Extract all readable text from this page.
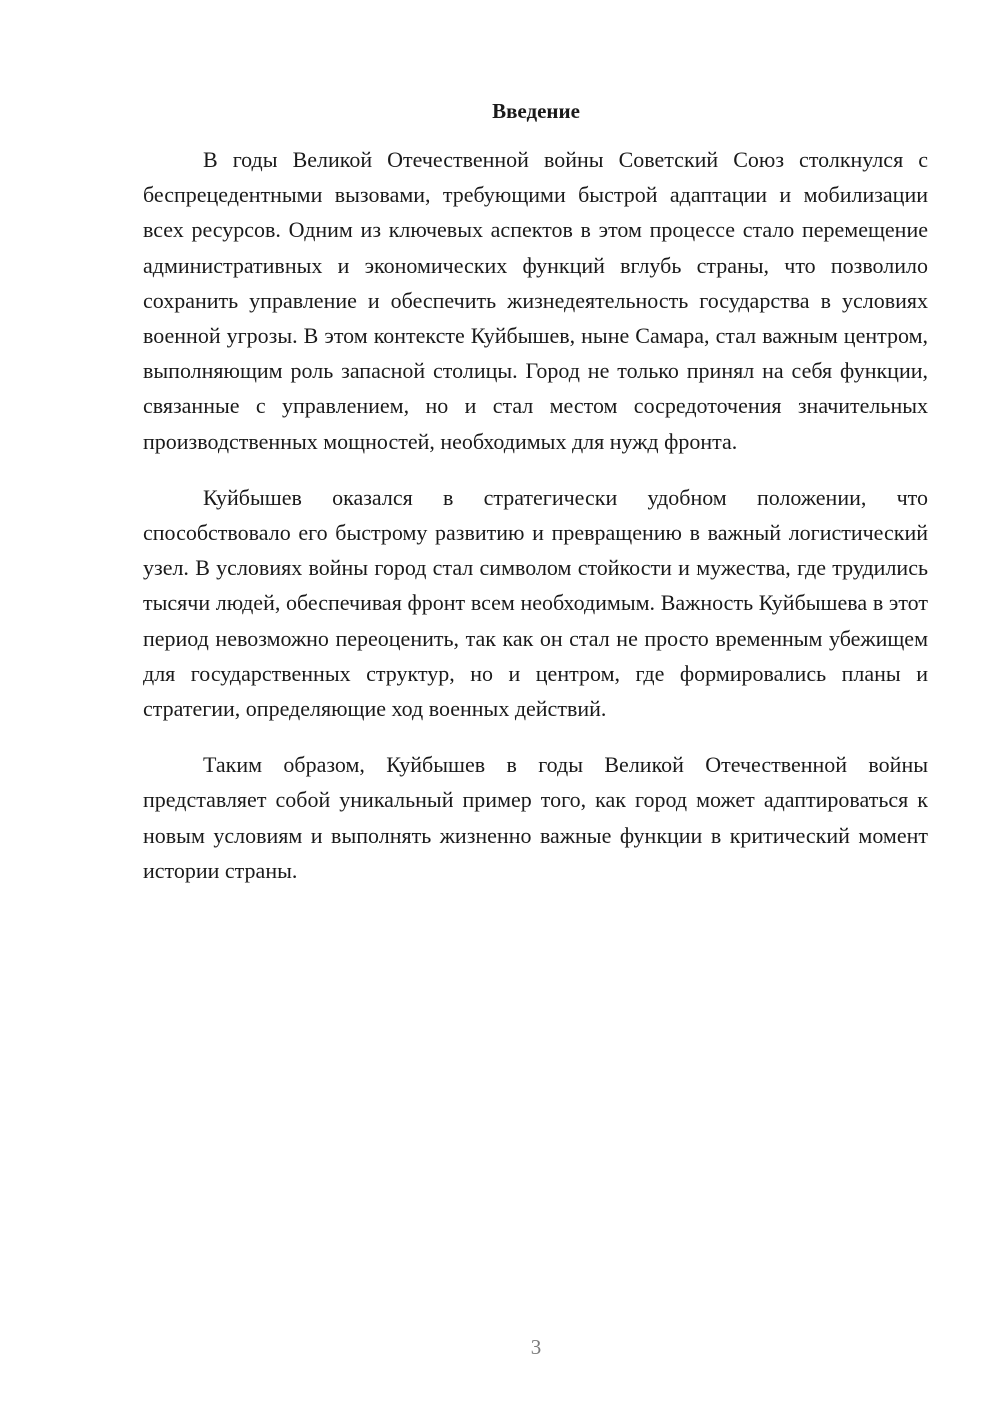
Введение

В годы Великой Отечественной войны Советский Союз столкнулся с беспрецедентными вызовами, требующими быстрой адаптации и мобилизации всех ресурсов. Одним из ключевых аспектов в этом процессе стало перемещение административных и экономических функций вглубь страны, что позволило сохранить управление и обеспечить жизнедеятельность государства в условиях военной угрозы. В этом контексте Куйбышев, ныне Самара, стал важным центром, выполняющим роль запасной столицы. Город не только принял на себя функции, связанные с управлением, но и стал местом сосредоточения значительных производственных мощностей, необходимых для нужд фронта.

Куйбышев оказался в стратегически удобном положении, что способствовало его быстрому развитию и превращению в важный логистический узел. В условиях войны город стал символом стойкости и мужества, где трудились тысячи людей, обеспечивая фронт всем необходимым. Важность Куйбышева в этот период невозможно переоценить, так как он стал не просто временным убежищем для государственных структур, но и центром, где формировались планы и стратегии, определяющие ход военных действий.

Таким образом, Куйбышев в годы Великой Отечественной войны представляет собой уникальный пример того, как город может адаптироваться к новым условиям и выполнять жизненно важные функции в критический момент истории страны.

3
